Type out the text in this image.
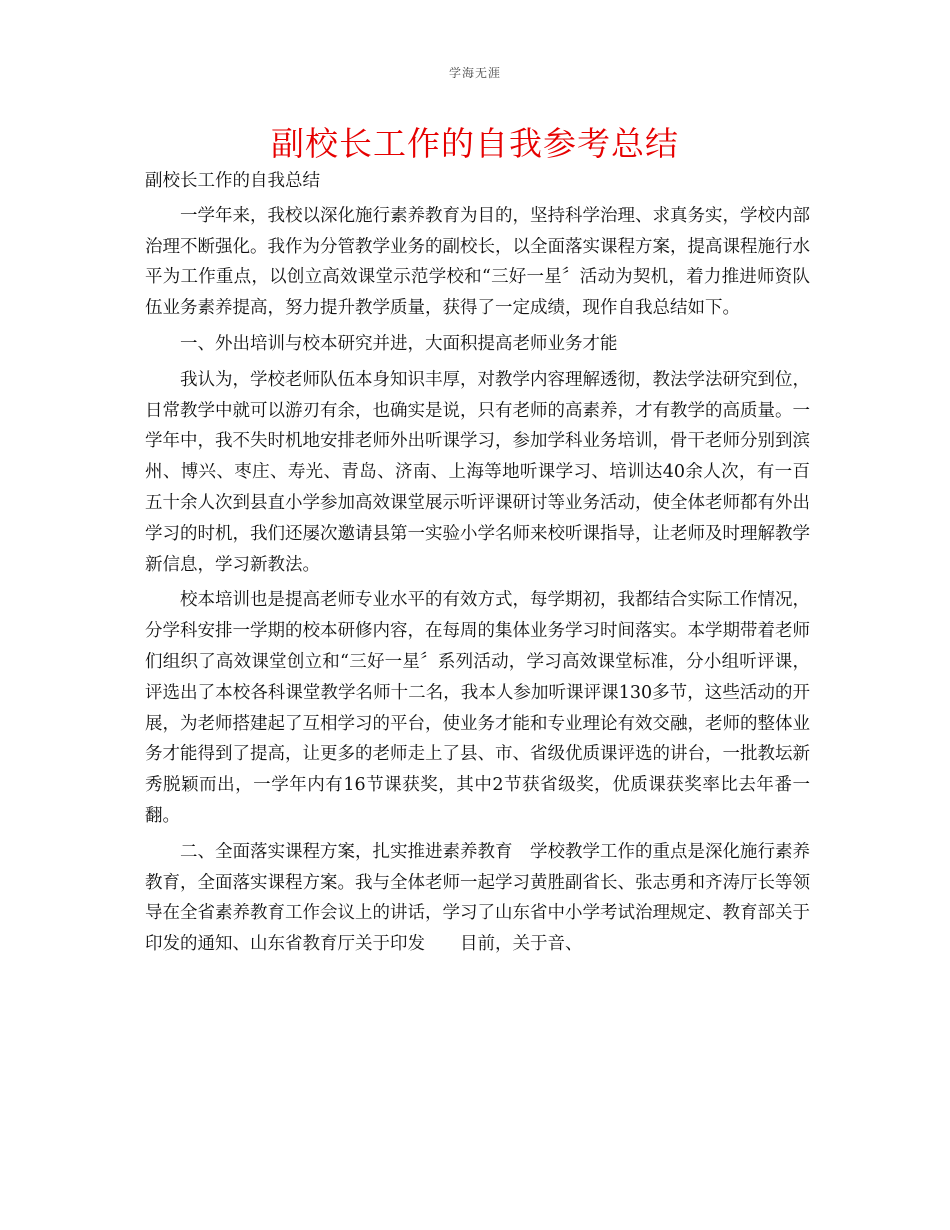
学海无涯
副校长工作的自我参考总结

副校长工作的自我总结

一学年来，我校以深化施行素养教育为目的，坚持科学治理、求真务实，学校内部治理不断强化。我作为分管教学业务的副校长，以全面落实课程方案，提高课程施行水平为工作重点，以创立高效课堂示范学校和“三好一星〞活动为契机，着力推进师资队伍业务素养提高，努力提升教学质量，获得了一定成绩，现作自我总结如下。

一、外出培训与校本研究并进，大面积提高老师业务才能

我认为，学校老师队伍本身知识丰厚，对教学内容理解透彻，教法学法研究到位，日常教学中就可以游刃有余，也确实是说，只有老师的高素养，才有教学的高质量。一学年中，我不失时机地安排老师外出听课学习，参加学科业务培训，骨干老师分别到滨州、博兴、枣庄、寿光、青岛、济南、上海等地听课学习、培训达40余人次，有一百五十余人次到县直小学参加高效课堂展示听评课研讨等业务活动，使全体老师都有外出学习的时机，我们还屡次邀请县第一实验小学名师来校听课指导，让老师及时理解教学新信息，学习新教法。

校本培训也是提高老师专业水平的有效方式，每学期初，我都结合实际工作情况，分学科安排一学期的校本研修内容，在每周的集体业务学习时间落实。本学期带着老师们组织了高效课堂创立和“三好一星〞系列活动，学习高效课堂标准，分小组听评课，评选出了本校各科课堂教学名师十二名，我本人参加听课评课130多节，这些活动的开展，为老师搭建起了互相学习的平台，使业务才能和专业理论有效交融，老师的整体业务才能得到了提高，让更多的老师走上了县、市、省级优质课评选的讲台，一批教坛新秀脱颖而出，一学年内有16节课获奖，其中2节获省级奖，优质课获奖率比去年番一翻。

二、全面落实课程方案，扎实推进素养教育　学校教学工作的重点是深化施行素养教育，全面落实课程方案。我与全体老师一起学习黄胜副省长、张志勇和齐涛厅长等领导在全省素养教育工作会议上的讲话，学习了山东省中小学考试治理规定、教育部关于印发的通知、山东省教育厅关于印发　　目前，关于音、
